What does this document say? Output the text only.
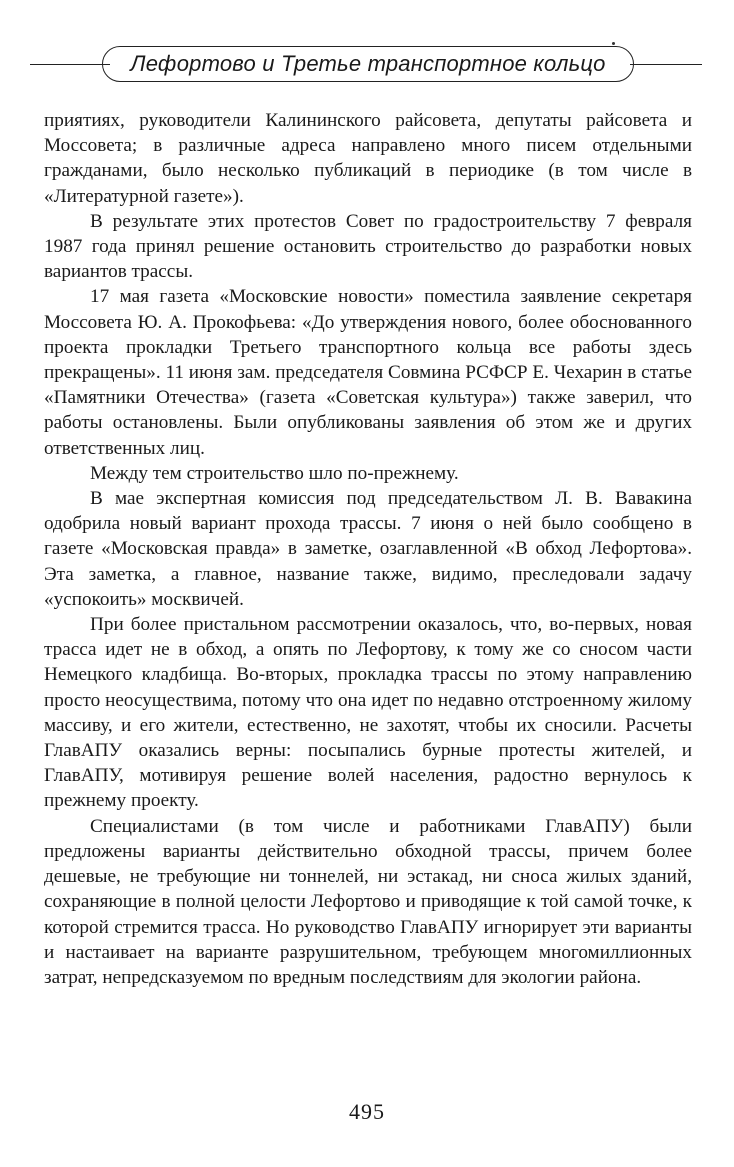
Лефортово и Третье транспортное кольцо

приятиях, руководители Калининского райсовета, депутаты райсовета и Моссовета; в различные адреса направлено много писем отдельными гражданами, было несколько публикаций в периодике (в том числе в «Литературной газете»).

В результате этих протестов Совет по градостроительству 7 февраля 1987 года принял решение остановить строительство до разработки новых вариантов трассы.

17 мая газета «Московские новости» поместила заявление секретаря Моссовета Ю. А. Прокофьева: «До утверждения нового, более обоснованного проекта прокладки Третьего транспортного кольца все работы здесь прекращены». 11 июня зам. председателя Совмина РСФСР Е. Чехарин в статье «Памятники Отечества» (газета «Советская культура») также заверил, что работы остановлены. Были опубликованы заявления об этом же и других ответственных лиц.

Между тем строительство шло по-прежнему.

В мае экспертная комиссия под председательством Л. В. Вавакина одобрила новый вариант прохода трассы. 7 июня о ней было сообщено в газете «Московская правда» в заметке, озаглавленной «В обход Лефортова». Эта заметка, а главное, название также, видимо, преследовали задачу «успокоить» москвичей.

При более пристальном рассмотрении оказалось, что, во-первых, новая трасса идет не в обход, а опять по Лефортову, к тому же со сносом части Немецкого кладбища. Во-вторых, прокладка трассы по этому направлению просто неосуществима, потому что она идет по недавно отстроенному жилому массиву, и его жители, естественно, не захотят, чтобы их сносили. Расчеты ГлавАПУ оказались верны: посыпались бурные протесты жителей, и ГлавАПУ, мотивируя решение волей населения, радостно вернулось к прежнему проекту.

Специалистами (в том числе и работниками ГлавАПУ) были предложены варианты действительно обходной трассы, причем более дешевые, не требующие ни тоннелей, ни эстакад, ни сноса жилых зданий, сохраняющие в полной целости Лефортово и приводящие к той самой точке, к которой стремится трасса. Но руководство ГлавАПУ игнорирует эти варианты и настаивает на варианте разрушительном, требующем многомиллионных затрат, непредсказуемом по вредным последствиям для экологии района.

495
